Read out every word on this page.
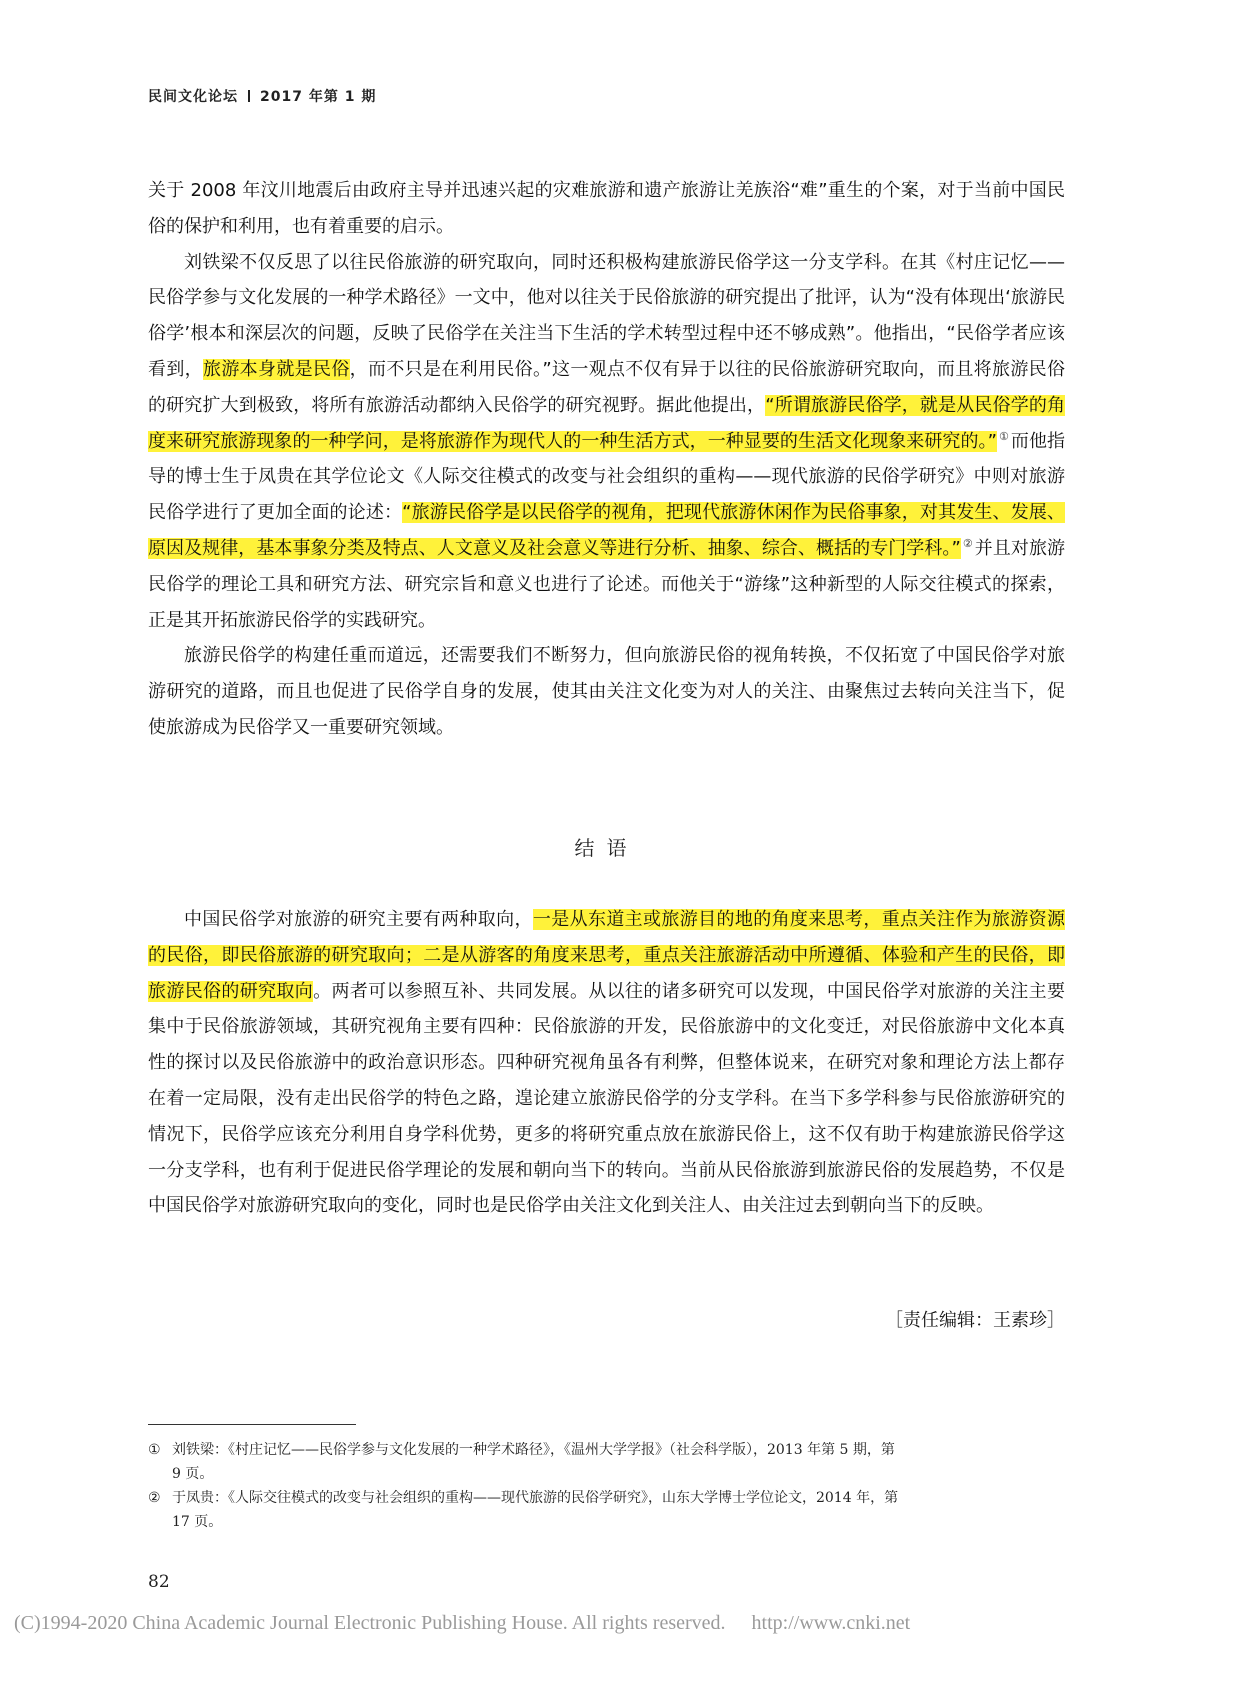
民间文化论坛 2017 年第 1 期

关于 2008 年汶川地震后由政府主导并迅速兴起的灾难旅游和遗产旅游让羌族浴“难”重生的个案，对于当前中国民俗的保护和利用，也有着重要的启示。

刘铁梁不仅反思了以往民俗旅游的研究取向，同时还积极构建旅游民俗学这一分支学科。在其《村庄记忆——民俗学参与文化发展的一种学术路径》一文中，他对以往关于民俗旅游的研究提出了批评，认为“没有体现出‘旅游民俗学’根本和深层次的问题，反映了民俗学在关注当下生活的学术转型过程中还不够成熟”。他指出，“民俗学者应该看到，旅游本身就是民俗，而不只是在利用民俗。”这一观点不仅有异于以往的民俗旅游研究取向，而且将旅游民俗的研究扩大到极致，将所有旅游活动都纳入民俗学的研究视野。据此他提出，“所谓旅游民俗学，就是从民俗学的角度来研究旅游现象的一种学问，是将旅游作为现代人的一种生活方式，一种显要的生活文化现象来研究的。” ① 而他指导的博士生于凤贵在其学位论文《人际交往模式的改变与社会组织的重构——现代旅游的民俗学研究》中则对旅游民俗学进行了更加全面的论述：“旅游民俗学是以民俗学的视角，把现代旅游休闲作为民俗事象，对其发生、发展、原因及规律，基本事象分类及特点、人文意义及社会意义等进行分析、抽象、综合、概括的专门学科。” ② 并且对旅游民俗学的理论工具和研究方法、研究宗旨和意义也进行了论述。而他关于“游缘”这种新型的人际交往模式的探索，正是其开拓旅游民俗学的实践研究。

旅游民俗学的构建任重而道远，还需要我们不断努力，但向旅游民俗的视角转换，不仅拓宽了中国民俗学对旅游研究的道路，而且也促进了民俗学自身的发展，使其由关注文化变为对人的关注、由聚焦过去转向关注当下，促使旅游成为民俗学又一重要研究领域。

结语

中国民俗学对旅游的研究主要有两种取向，一是从东道主或旅游目的地的角度来思考，重点关注作为旅游资源的民俗，即民俗旅游的研究取向；二是从游客的角度来思考，重点关注旅游活动中所遵循、体验和产生的民俗，即旅游民俗的研究取向。两者可以参照互补、共同发展。从以往的诸多研究可以发现，中国民俗学对旅游的关注主要集中于民俗旅游领域，其研究视角主要有四种：民俗旅游的开发，民俗旅游中的文化变迁，对民俗旅游中文化本真性的探讨以及民俗旅游中的政治意识形态。四种研究视角虽各有利弊，但整体说来，在研究对象和理论方法上都存在着一定局限，没有走出民俗学的特色之路，遑论建立旅游民俗学的分支学科。在当下多学科参与民俗旅游研究的情况下，民俗学应该充分利用自身学科优势，更多的将研究重点放在旅游民俗上，这不仅有助于构建旅游民俗学这一分支学科，也有利于促进民俗学理论的发展和朝向当下的转向。当前从民俗旅游到旅游民俗的发展趋势，不仅是中国民俗学对旅游研究取向的变化，同时也是民俗学由关注文化到关注人、由关注过去到朝向当下的反映。

［责任编辑：王素珍］

① 刘铁梁：《村庄记忆——民俗学参与文化发展的一种学术路径》，《温州大学学报》（社会科学版），2013 年第 5 期，第 9 页。

② 于凤贵：《人际交往模式的改变与社会组织的重构——现代旅游的民俗学研究》，山东大学博士学位论文，2014 年，第 17 页。

82
(C)1994-2020 China Academic Journal Electronic Publishing House. All rights reserved. http://www.cnki.net
